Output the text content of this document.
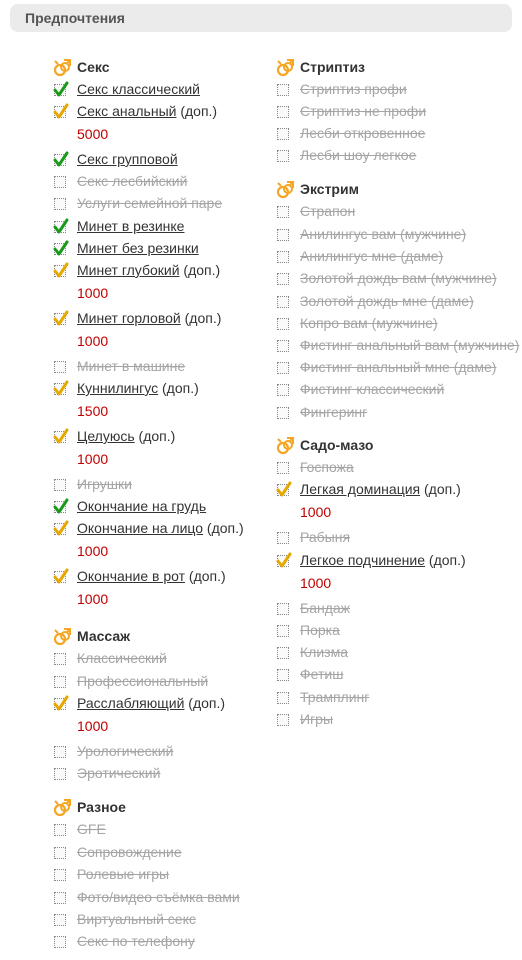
Предпочтения
Секс
Секс классический
Секс анальный (доп.)
5000
Секс групповой
Секс лесбийский
Услуги семейной паре
Минет в резинке
Минет без резинки
Минет глубокий (доп.)
1000
Минет горловой (доп.)
1000
Минет в машине
Куннилингус (доп.)
1500
Целуюсь (доп.)
1000
Игрушки
Окончание на грудь
Окончание на лицо (доп.)
1000
Окончание в рот (доп.)
1000
Массаж
Классический
Профессиональный
Расслабляющий (доп.)
1000
Урологический
Эротический
Разное
GFE
Сопровождение
Ролевые игры
Фото/видео съёмка вами
Виртуальный секс
Секс по телефону
Стриптиз
Стриптиз профи
Стриптиз не профи
Лесби откровенное
Лесби шоу легкое
Экстрим
Страпон
Анилингус вам (мужчине)
Анилингус мне (даме)
Золотой дождь вам (мужчине)
Золотой дождь мне (даме)
Копро вам (мужчине)
Фистинг анальный вам (мужчине)
Фистинг анальный мне (даме)
Фистинг классический
Фингеринг
Садо-мазо
Госпожа
Легкая доминация (доп.)
1000
Рабыня
Легкое подчинение (доп.)
1000
Бандаж
Порка
Клизма
Фетиш
Трамплинг
Игры
